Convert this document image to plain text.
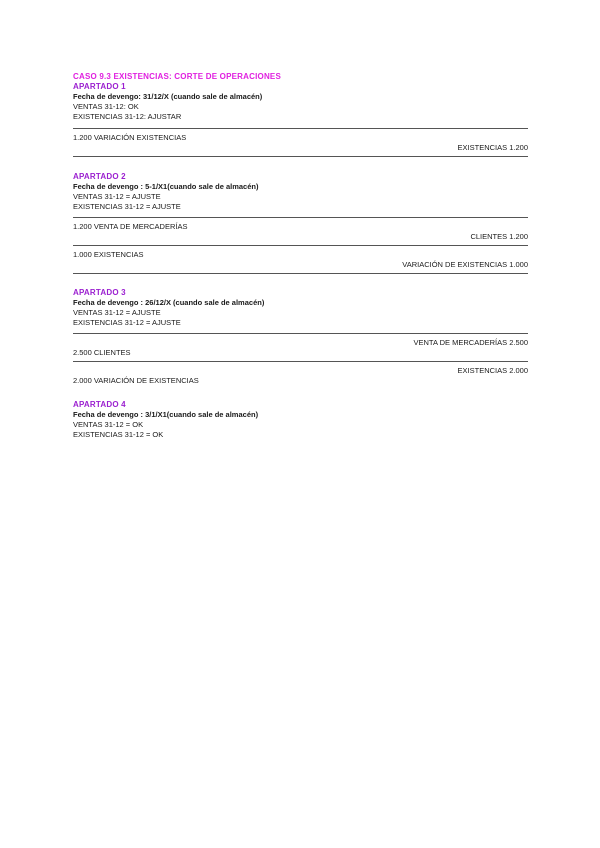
CASO 9.3 EXISTENCIAS: CORTE DE OPERACIONES
APARTADO 1
Fecha de devengo: 31/12/X (cuando sale de almacén)
VENTAS 31-12: OK
EXISTENCIAS 31-12: AJUSTAR
1.200 VARIACIÓN EXISTENCIAS
EXISTENCIAS 1.200
APARTADO 2
Fecha de devengo : 5-1/X1(cuando sale de almacén)
VENTAS 31-12 = AJUSTE
EXISTENCIAS 31-12 = AJUSTE
1.200 VENTA DE MERCADERÍAS
CLIENTES 1.200
1.000 EXISTENCIAS
VARIACIÓN DE EXISTENCIAS 1.000
APARTADO 3
Fecha de devengo : 26/12/X (cuando sale de almacén)
VENTAS 31-12 = AJUSTE
EXISTENCIAS 31-12 = AJUSTE
VENTA DE MERCADERÍAS 2.500
2.500 CLIENTES
EXISTENCIAS 2.000
2.000 VARIACIÓN DE EXISTENCIAS
APARTADO 4
Fecha de devengo : 3/1/X1(cuando sale de almacén)
VENTAS 31-12 = OK
EXISTENCIAS 31-12 = OK
